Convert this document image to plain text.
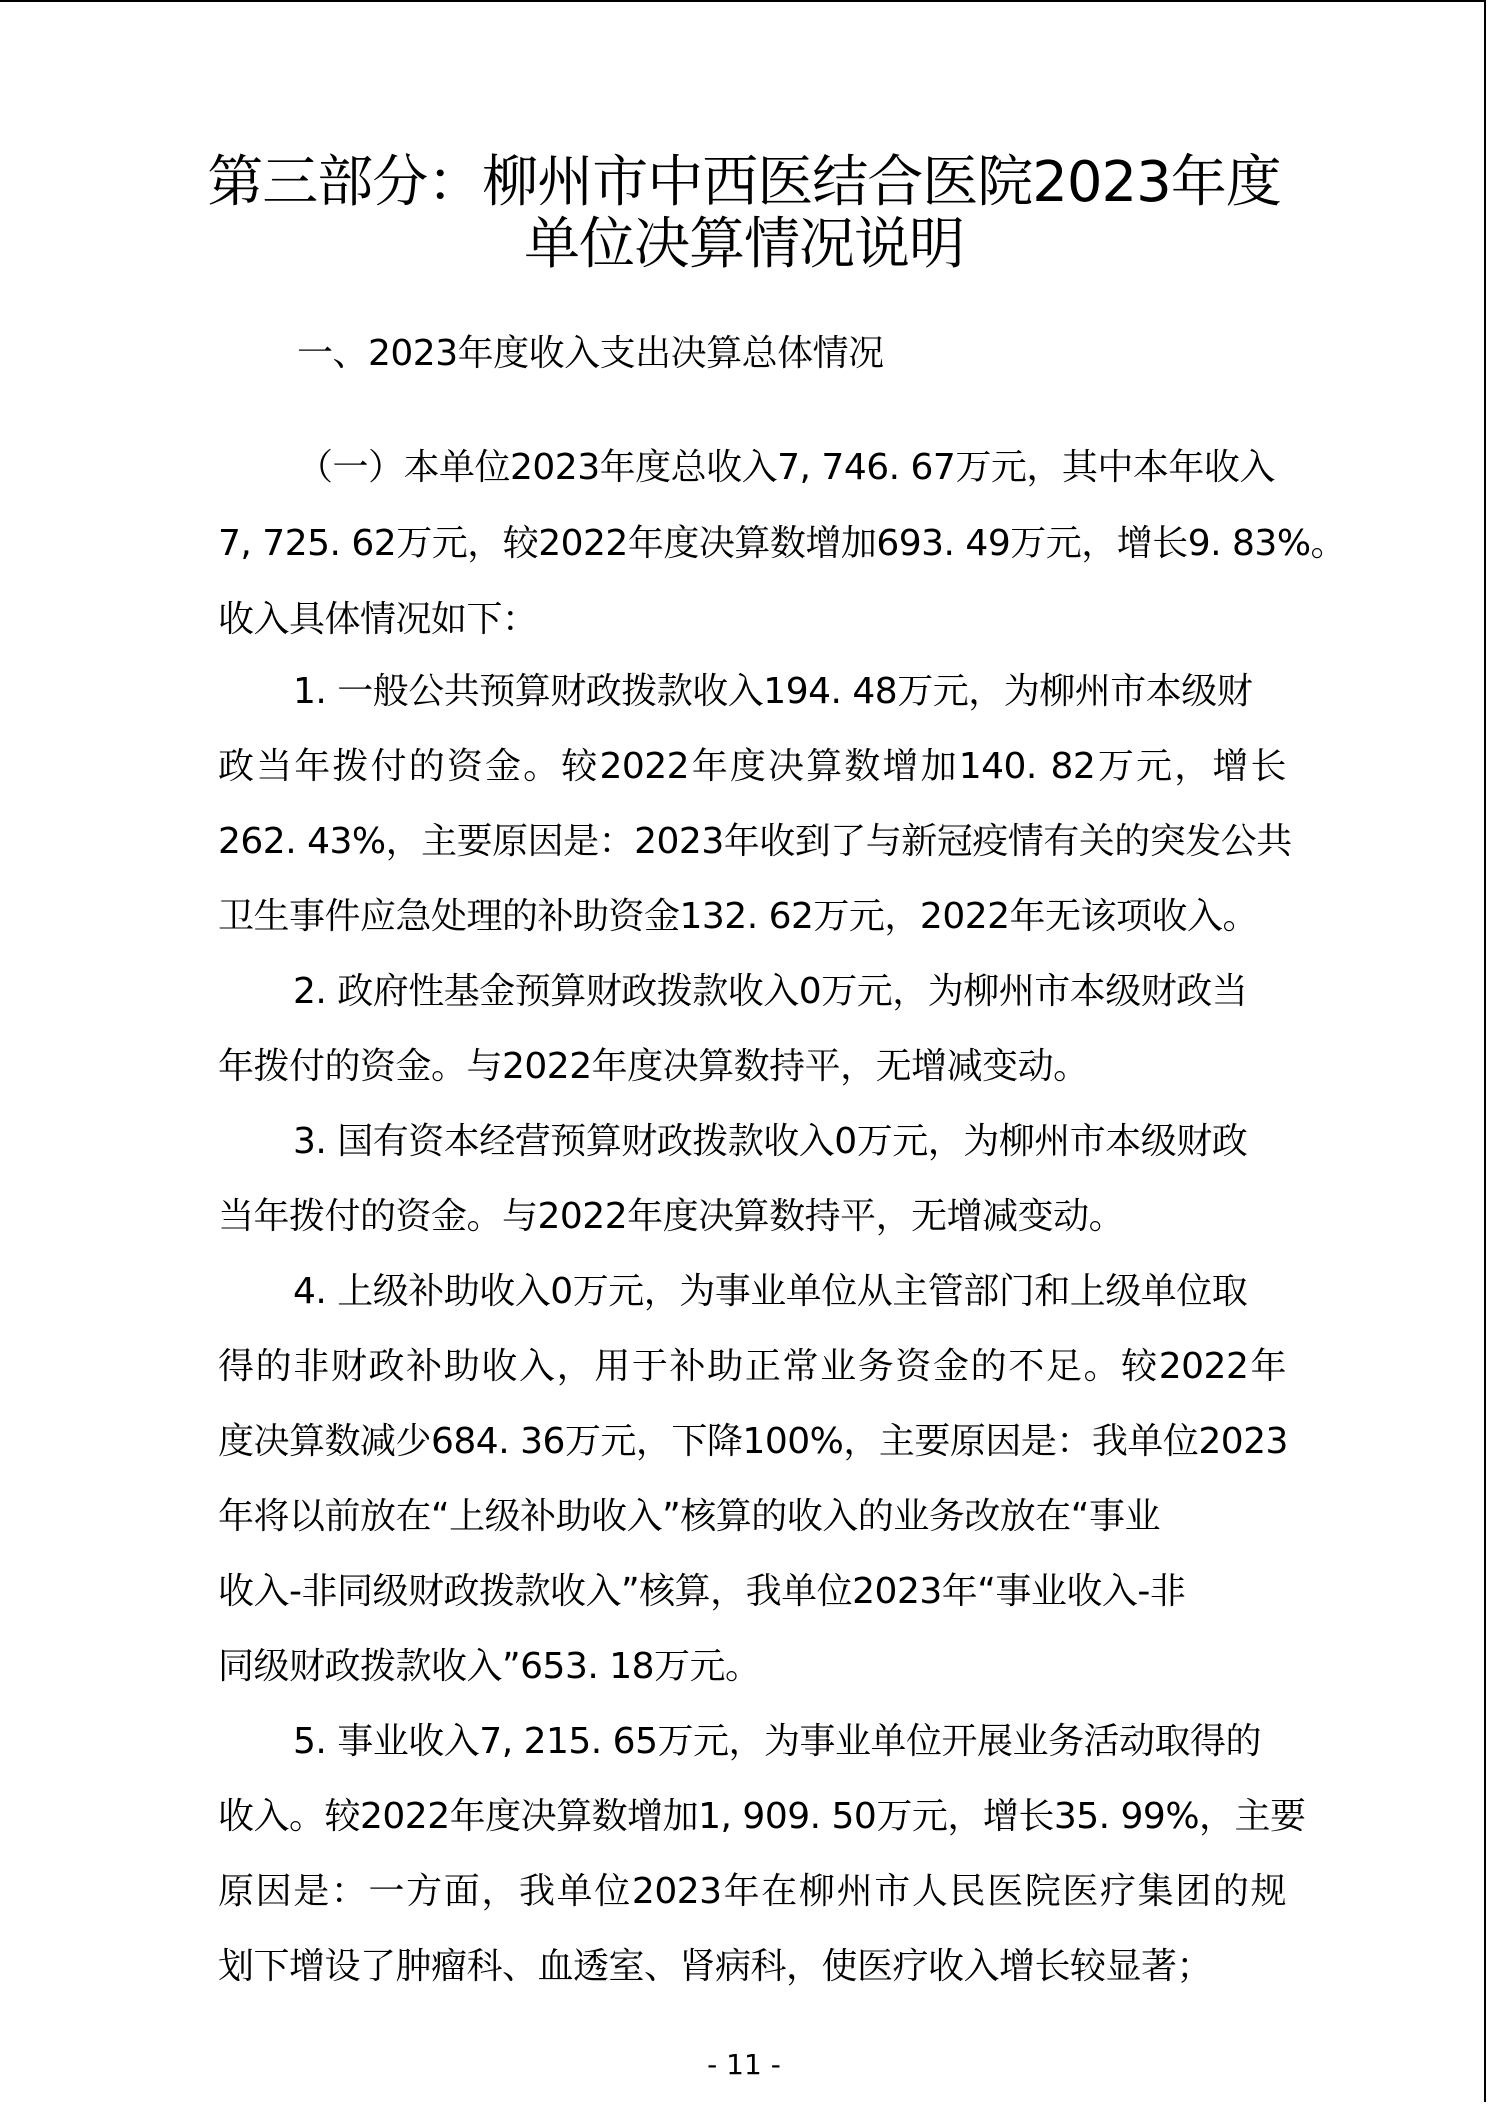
第三部分：柳州市中西医结合医院2023年度
单位决算情况说明
一、2023年度收入支出决算总体情况
（一）本单位2023年度总收入7, 746. 67万元，其中本年收入
7, 725. 62万元，较2022年度决算数增加693. 49万元，增长9. 83%。
收入具体情况如下：
1. 一般公共预算财政拨款收入194. 48万元，为柳州市本级财
政当年拨付的资金。较2022年度决算数增加140. 82万元，增长
262. 43%，主要原因是：2023年收到了与新冠疫情有关的突发公共
卫生事件应急处理的补助资金132. 62万元，2022年无该项收入。
2. 政府性基金预算财政拨款收入0万元，为柳州市本级财政当
年拨付的资金。与2022年度决算数持平，无增减变动。
3. 国有资本经营预算财政拨款收入0万元，为柳州市本级财政
当年拨付的资金。与2022年度决算数持平，无增减变动。
4. 上级补助收入0万元，为事业单位从主管部门和上级单位取
得的非财政补助收入，用于补助正常业务资金的不足。较2022年
度决算数减少684. 36万元，下降100%，主要原因是：我单位2023
年将以前放在“上级补助收入”核算的收入的业务改放在“事业
收入-非同级财政拨款收入”核算，我单位2023年“事业收入-非
同级财政拨款收入”653. 18万元。
5. 事业收入7, 215. 65万元，为事业单位开展业务活动取得的
收入。较2022年度决算数增加1, 909. 50万元，增长35. 99%，主要
原因是：一方面，我单位2023年在柳州市人民医院医疗集团的规
划下增设了肿瘤科、血透室、肾病科，使医疗收入增长较显著；
- 11 -
